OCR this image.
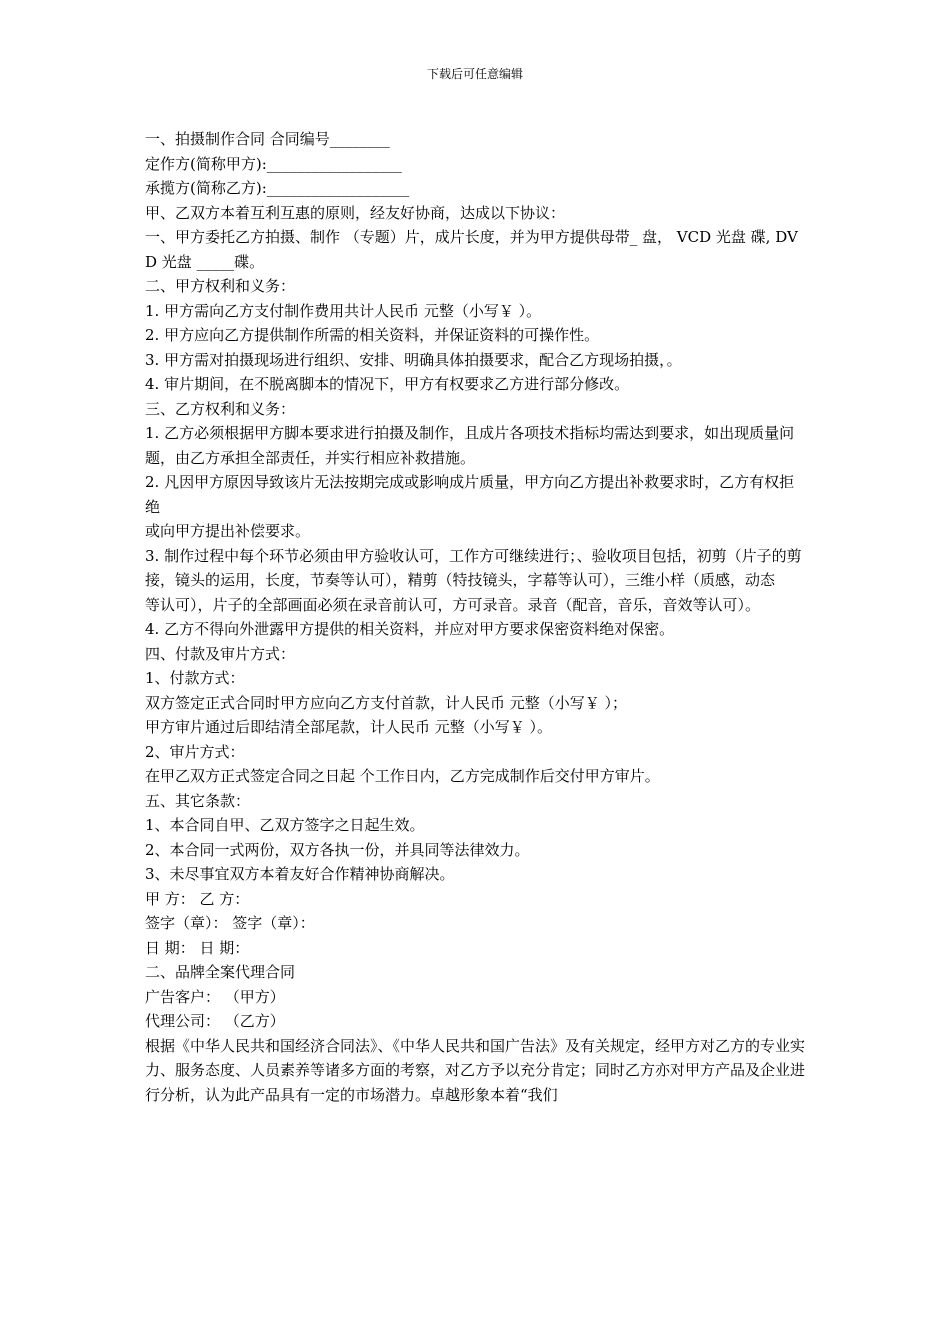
下载后可任意编辑

一、拍摄制作合同 合同编号________

定作方(简称甲方):__________________

承揽方(简称乙方):___________________

甲、乙双方本着互利互惠的原则，经友好协商，达成以下协议：

一、甲方委托乙方拍摄、制作 （专题）片，成片长度，并为甲方提供母带_ 盘， VCD 光盘 碟, DVD 光盘 _____碟。

二、甲方权利和义务：

1. 甲方需向乙方支付制作费用共计人民币 元整（小写￥ ）。

2. 甲方应向乙方提供制作所需的相关资料，并保证资料的可操作性。

3. 甲方需对拍摄现场进行组织、安排、明确具体拍摄要求，配合乙方现场拍摄，。

4. 审片期间，在不脱离脚本的情况下，甲方有权要求乙方进行部分修改。

三、乙方权利和义务：

1. 乙方必须根据甲方脚本要求进行拍摄及制作，且成片各项技术指标均需达到要求，如出现质量问

题，由乙方承担全部责任，并实行相应补救措施。

2. 凡因甲方原因导致该片无法按期完成或影响成片质量，甲方向乙方提出补救要求时，乙方有权拒绝

或向甲方提出补偿要求。

3. 制作过程中每个环节必须由甲方验收认可，工作方可继续进行；、验收项目包括，初剪（片子的剪

接，镜头的运用，长度，节奏等认可），精剪（特技镜头，字幕等认可），三维小样（质感，动态

等认可），片子的全部画面必须在录音前认可，方可录音。录音（配音，音乐，音效等认可）。

4. 乙方不得向外泄露甲方提供的相关资料，并应对甲方要求保密资料绝对保密。

四、付款及审片方式：

1、付款方式：

双方签定正式合同时甲方应向乙方支付首款，计人民币 元整（小写￥ ）；

甲方审片通过后即结清全部尾款，计人民币 元整（小写￥ ）。

2、审片方式：

在甲乙双方正式签定合同之日起 个工作日内，乙方完成制作后交付甲方审片。

五、其它条款：

1、本合同自甲、乙双方签字之日起生效。

2、本合同一式两份，双方各执一份，并具同等法律效力。

3、未尽事宜双方本着友好合作精神协商解决。

甲 方： 乙 方：

签字（章）： 签字（章）：

日 期： 日 期：

二、品牌全案代理合同

广告客户： （甲方）

代理公司： （乙方）

根据《中华人民共和国经济合同法》、《中华人民共和国广告法》及有关规定，经甲方对乙方的专业实力、服务态度、人员素养等诸多方面的考察，对乙方予以充分肯定；同时乙方亦对甲方产品及企业进行分析，认为此产品具有一定的市场潜力。卓越形象本着“我们
